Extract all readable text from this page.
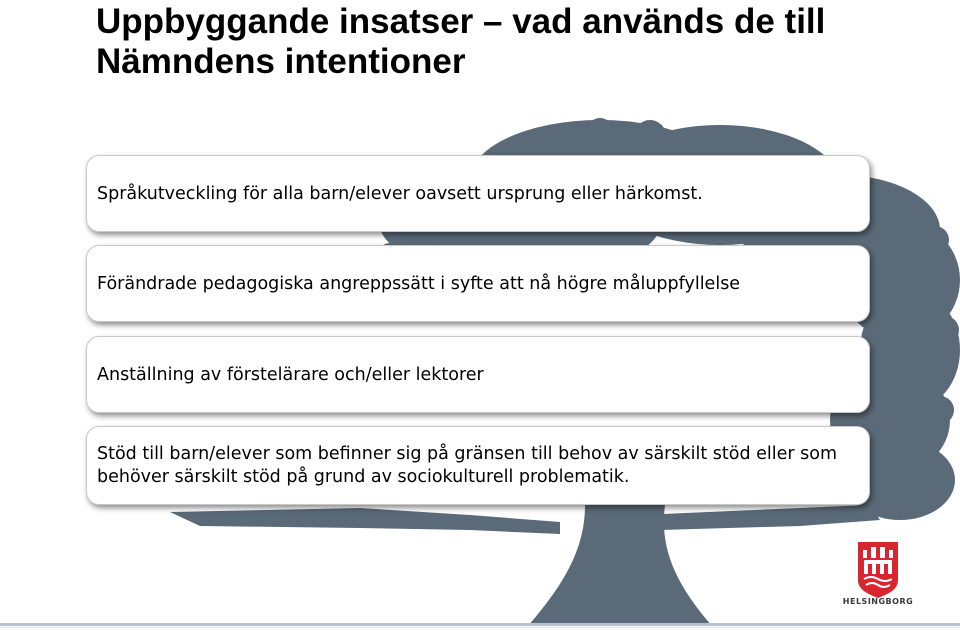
Uppbyggande insatser – vad används de till
Nämndens intentioner
Språkutveckling för alla barn/elever oavsett ursprung eller härkomst.
Förändrade pedagogiska angreppssätt i syfte att nå högre måluppfyllelse
Anställning av förstelärare och/eller lektorer
Stöd till barn/elever som befinner sig på gränsen till behov av särskilt stöd eller som behöver särskilt stöd på grund av sociokulturell problematik.
HELSINGBORG
